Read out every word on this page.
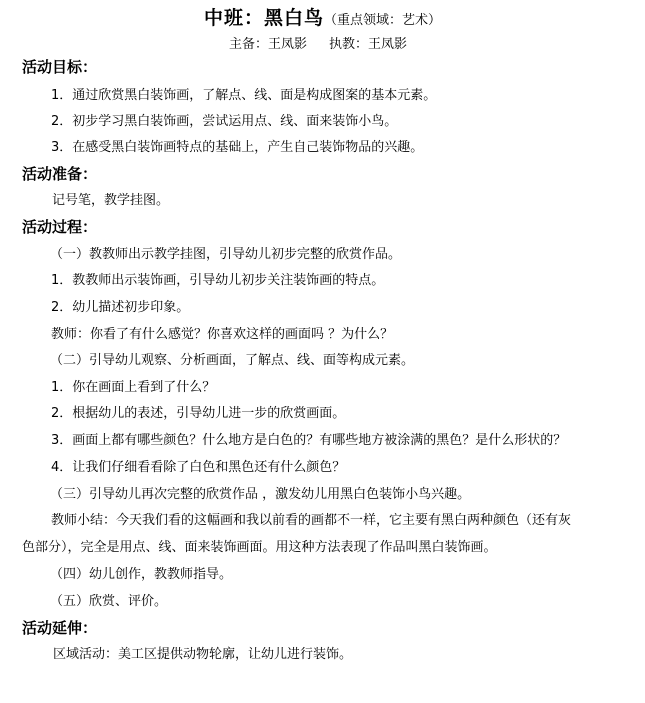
中班：黑白鸟（重点领域：艺术）
主备：王凤影 执教：王凤影
活动目标：
1．通过欣赏黑白装饰画，了解点、线、面是构成图案的基本元素。
2．初步学习黑白装饰画，尝试运用点、线、面来装饰小鸟。
3．在感受黑白装饰画特点的基础上，产生自己装饰物品的兴趣。
活动准备：
记号笔，教学挂图。
活动过程：
（一）教教师出示教学挂图，引导幼儿初步完整的欣赏作品。
1．教教师出示装饰画，引导幼儿初步关注装饰画的特点。
2．幼儿描述初步印象。
教师：你看了有什么感觉？你喜欢这样的画面吗 ？为什么？
（二）引导幼儿观察、分析画面，了解点、线、面等构成元素。
1．你在画面上看到了什么？
2．根据幼儿的表述，引导幼儿进一步的欣赏画面。
3．画面上都有哪些颜色？什么地方是白色的？有哪些地方被涂满的黑色？是什么形状的？
4．让我们仔细看看除了白色和黑色还有什么颜色？
（三）引导幼儿再次完整的欣赏作品 ，激发幼儿用黑白色装饰小鸟兴趣。
教师小结：今天我们看的这幅画和我以前看的画都不一样，它主要有黑白两种颜色（还有灰
色部分），完全是用点、线、面来装饰画面。用这种方法表现了作品叫黑白装饰画。
（四）幼儿创作，教教师指导。
（五）欣赏、评价。
活动延伸：
区域活动：美工区提供动物轮廓，让幼儿进行装饰。
